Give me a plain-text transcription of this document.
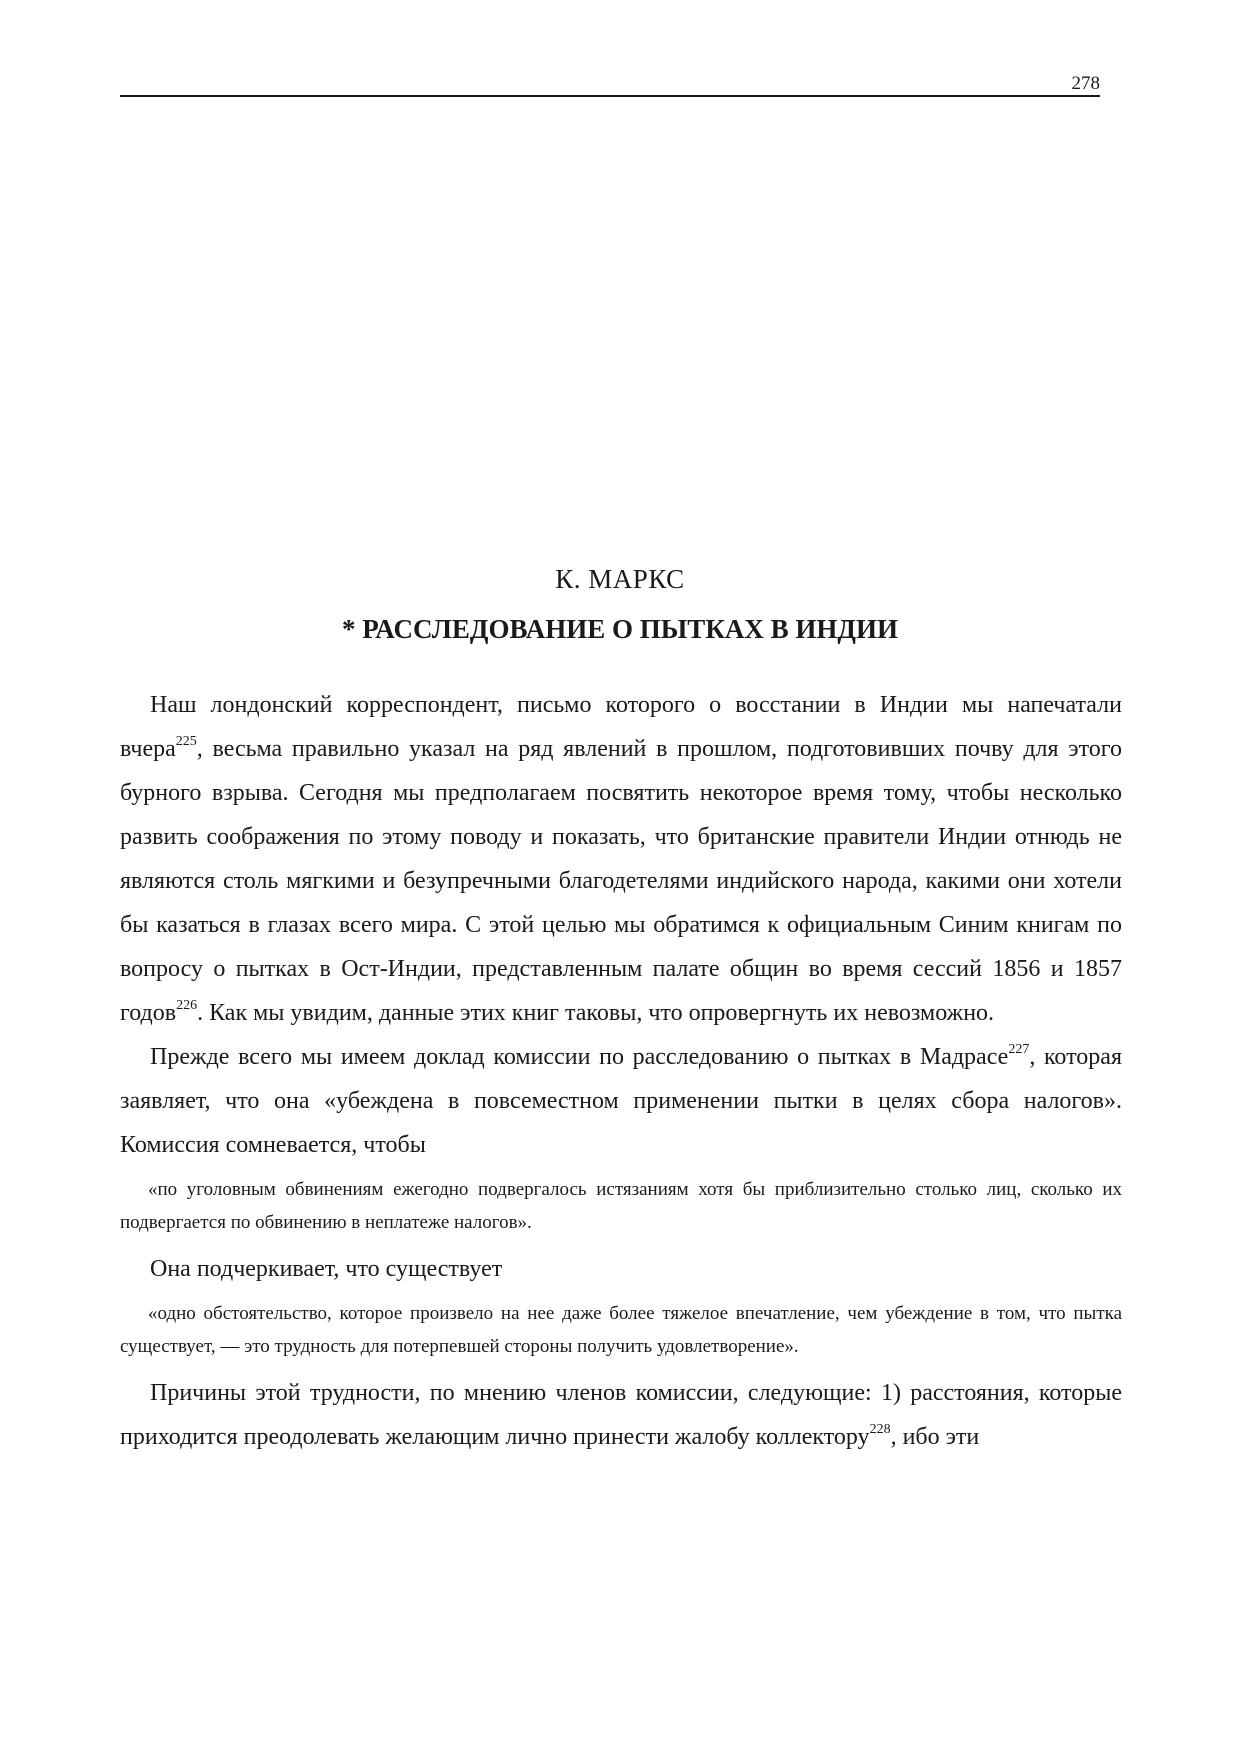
278
К. МАРКС
* РАССЛЕДОВАНИЕ О ПЫТКАХ В ИНДИИ

Наш лондонский корреспондент, письмо которого о восстании в Индии мы напечатали вчера$^{225}$, весьма правильно указал на ряд явлений в прошлом, подготовивших почву для этого бурного взрыва. Сегодня мы предполагаем посвятить некоторое время тому, чтобы несколько развить соображения по этому поводу и показать, что британские правители Индии отнюдь не являются столь мягкими и безупречными благодетелями индийского народа, какими они хотели бы казаться в глазах всего мира. С этой целью мы обратимся к официальным Синим книгам по вопросу о пытках в Ост-Индии, представленным палате общин во время сессий 1856 и 1857 годов$^{226}$. Как мы увидим, данные этих книг таковы, что опровергнуть их невозможно.

Прежде всего мы имеем доклад комиссии по расследованию о пытках в Мадрасе$^{227}$, которая заявляет, что она «убеждена в повсеместном применении пытки в целях сбора налогов». Комиссия сомневается, чтобы

«по уголовным обвинениям ежегодно подвергалось истязаниям хотя бы приблизительно столько лиц, сколько их подвергается по обвинению в неплатеже налогов».

Она подчеркивает, что существует

«одно обстоятельство, которое произвело на нее даже более тяжелое впечатление, чем убеждение в том, что пытка существует, — это трудность для потерпевшей стороны получить удовлетворение».

Причины этой трудности, по мнению членов комиссии, следующие: 1) расстояния, которые приходится преодолевать желающим лично принести жалобу коллектору$^{228}$, ибо эти
